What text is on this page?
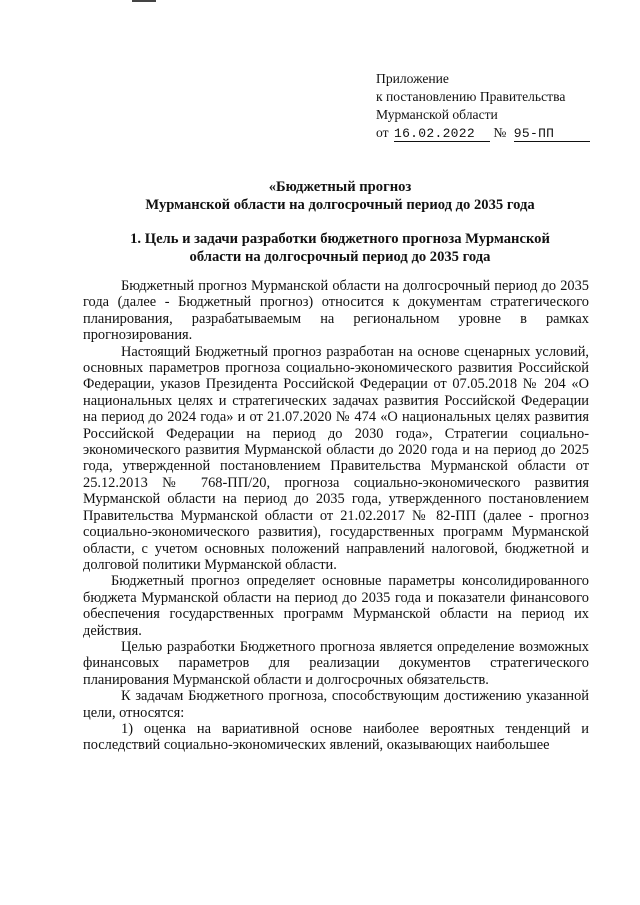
Приложение
к постановлению Правительства
Мурманской области
от 16.02.2022 № 95-ПП
«Бюджетный прогноз
Мурманской области на долгосрочный период до 2035 года
1. Цель и задачи разработки бюджетного прогноза Мурманской
области на долгосрочный период до 2035 года

Бюджетный прогноз Мурманской области на долгосрочный период до 2035 года (далее - Бюджетный прогноз) относится к документам стратегического планирования, разрабатываемым на региональном уровне в рамках прогнозирования.

Настоящий Бюджетный прогноз разработан на основе сценарных условий, основных параметров прогноза социально-экономического развития Российской Федерации, указов Президента Российской Федерации от 07.05.2018 № 204 «О национальных целях и стратегических задачах развития Российской Федерации на период до 2024 года» и от 21.07.2020 № 474 «О национальных целях развития Российской Федерации на период до 2030 года», Стратегии социально-экономического развития Мурманской области до 2020 года и на период до 2025 года, утвержденной постановлением Правительства Мурманской области от 25.12.2013 № 768-ПП/20, прогноза социально-экономического развития Мурманской области на период до 2035 года, утвержденного постановлением Правительства Мурманской области от 21.02.2017 № 82-ПП (далее - прогноз социально-экономического развития), государственных программ Мурманской области, с учетом основных положений направлений налоговой, бюджетной и долговой политики Мурманской области.

Бюджетный прогноз определяет основные параметры консолидированного бюджета Мурманской области на период до 2035 года и показатели финансового обеспечения государственных программ Мурманской области на период их действия.

Целью разработки Бюджетного прогноза является определение возможных финансовых параметров для реализации документов стратегического планирования Мурманской области и долгосрочных обязательств.

К задачам Бюджетного прогноза, способствующим достижению указанной цели, относятся:

1) оценка на вариативной основе наиболее вероятных тенденций и последствий социально-экономических явлений, оказывающих наибольшее
